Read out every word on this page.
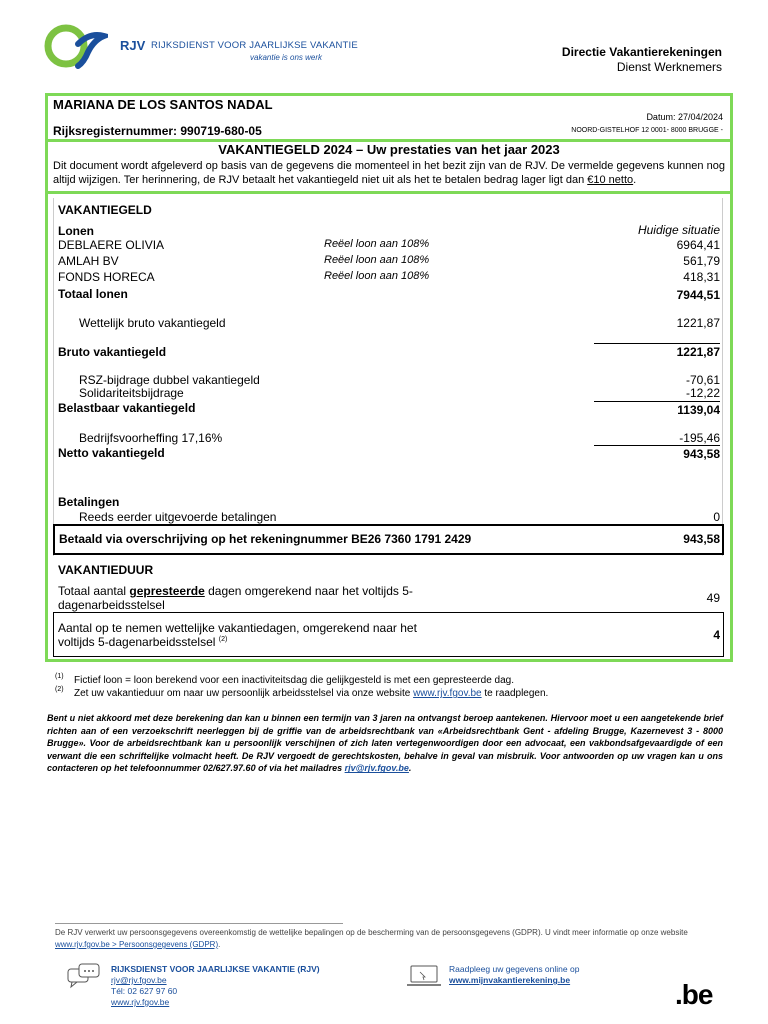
RJV RIJKSDIENST VOOR JAARLIJKSE VAKANTIE
vakantie is ons werk	Directie Vakantierekeningen
Dienst Werknemers
MARIANA DE LOS SANTOS NADAL
Rijksregisternummer: 990719-680-05
Datum: 27/04/2024
NOORD-GISTELHOF 12 0001- 8000 BRUGGE -
VAKANTIEGELD 2024 – Uw prestaties van het jaar 2023
Dit document wordt afgeleverd op basis van de gegevens die momenteel in het bezit zijn van de RJV. De vermelde gegevens kunnen nog altijd wijzigen. Ter herinnering, de RJV betaalt het vakantiegeld niet uit als het te betalen bedrag lager ligt dan €10 netto.
VAKANTIEGELD
Lonen	Huidige situatie
DEBLAERE OLIVIA	Reëel loon aan 108%	6964,41
AMLAH BV	Reëel loon aan 108%	561,79
FONDS HORECA	Reëel loon aan 108%	418,31
Totaal lonen	7944,51
Wettelijk bruto vakantiegeld	1221,87
Bruto vakantiegeld	1221,87
RSZ-bijdrage dubbel vakantiegeld	-70,61
Solidariteitsbijdrage	-12,22
Belastbaar vakantiegeld	1139,04
Bedrijfsvoorheffing 17,16%	-195,46
Netto vakantiegeld	943,58
Betalingen
Reeds eerder uitgevoerde betalingen	0
Betaald via overschrijving op het rekeningnummer BE26 7360 1791 2429	943,58
VAKANTIEDUUR
Totaal aantal gepresteerde dagen omgerekend naar het voltijds 5-
dagenarbeidsstelsel	49
Aantal op te nemen wettelijke vakantiedagen, omgerekend naar het
voltijds 5-dagenarbeidsstelsel $^{(2)}$	4
(1) Fictief loon = loon berekend voor een inactiviteitsdag die gelijkgesteld is met een gepresteerde dag.
(2) Zet uw vakantieduur om naar uw persoonlijk arbeidsstelsel via onze website www.rjv.fgov.be te raadplegen.
Bent u niet akkoord met deze berekening dan kan u binnen een termijn van 3 jaren na ontvangst beroep aantekenen. Hiervoor moet u een aangetekende brief richten aan of een verzoekschrift neerleggen bij de griffie van de arbeidsrechtbank van «Arbeidsrechtbank Gent - afdeling Brugge, Kazernevest 3 - 8000 Brugge». Voor de arbeidsrechtbank kan u persoonlijk verschijnen of zich laten vertegenwoordigen door een advocaat, een vakbondsafgevaardigde of een verwant die een schriftelijke volmacht heeft. De RJV vergoedt de gerechtskosten, behalve in geval van misbruik. Voor antwoorden op uw vragen kan u ons contacteren op het telefoonnummer 02/627.97.60 of via het mailadres rjv@rjv.fgov.be.
De RJV verwerkt uw persoonsgegevens overeenkomstig de wettelijke bepalingen op de bescherming van de persoonsgegevens (GDPR). U vindt meer informatie op onze website www.rjv.fgov.be > Persoonsgegevens (GDPR).
RIJKSDIENST VOOR JAARLIJKSE VAKANTIE (RJV)
rjv@rjv.fgov.be
Tél: 02 627 97 60
www.rjv.fgov.be
Raadpleeg uw gegevens online op
www.mijnvakantierekening.be	.be
